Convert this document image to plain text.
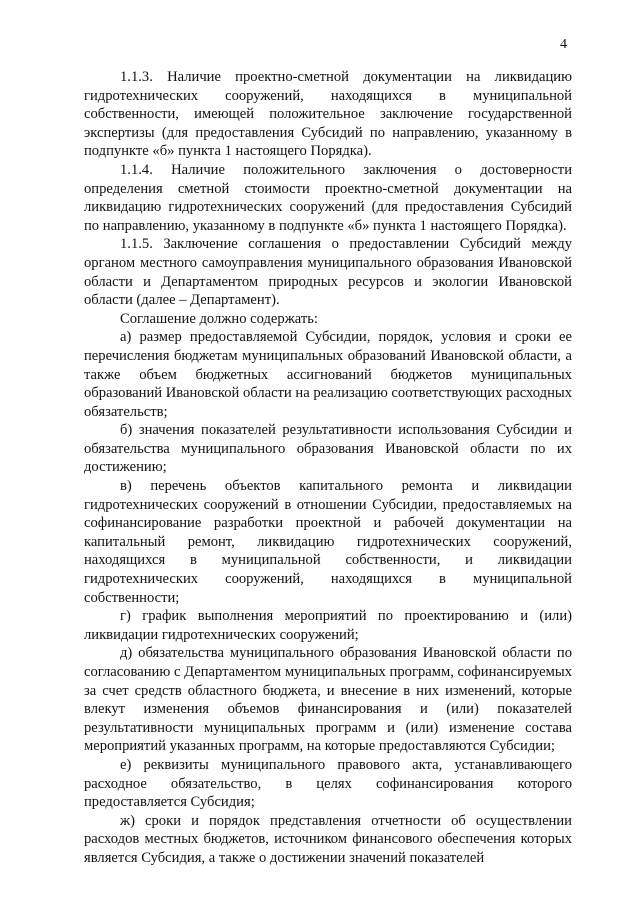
4

1.1.3. Наличие проектно-сметной документации на ликвидацию гидротехнических сооружений, находящихся в муниципальной собственности, имеющей положительное заключение государственной экспертизы (для предоставления Субсидий по направлению, указанному в подпункте «б» пункта 1 настоящего Порядка).

1.1.4. Наличие положительного заключения о достоверности определения сметной стоимости проектно-сметной документации на ликвидацию гидротехнических сооружений (для предоставления Субсидий по направлению, указанному в подпункте «б» пункта 1 настоящего Порядка).

1.1.5. Заключение соглашения о предоставлении Субсидий между органом местного самоуправления муниципального образования Ивановской области и Департаментом природных ресурсов и экологии Ивановской области (далее – Департамент).

Соглашение должно содержать:

а) размер предоставляемой Субсидии, порядок, условия и сроки ее перечисления бюджетам муниципальных образований Ивановской области, а также объем бюджетных ассигнований бюджетов муниципальных образований Ивановской области на реализацию соответствующих расходных обязательств;

б) значения показателей результативности использования Субсидии и обязательства муниципального образования Ивановской области по их достижению;

в) перечень объектов капитального ремонта и ликвидации гидротехнических сооружений в отношении Субсидии, предоставляемых на софинансирование разработки проектной и рабочей документации на капитальный ремонт, ликвидацию гидротехнических сооружений, находящихся в муниципальной собственности, и ликвидации гидротехнических сооружений, находящихся в муниципальной собственности;

г) график выполнения мероприятий по проектированию и (или) ликвидации гидротехнических сооружений;

д) обязательства муниципального образования Ивановской области по согласованию с Департаментом муниципальных программ, софинансируемых за счет средств областного бюджета, и внесение в них изменений, которые влекут изменения объемов финансирования и (или) показателей результативности муниципальных программ и (или) изменение состава мероприятий указанных программ, на которые предоставляются Субсидии;

е) реквизиты муниципального правового акта, устанавливающего расходное обязательство, в целях софинансирования которого предоставляется Субсидия;

ж) сроки и порядок представления отчетности об осуществлении расходов местных бюджетов, источником финансового обеспечения которых является Субсидия, а также о достижении значений показателей
